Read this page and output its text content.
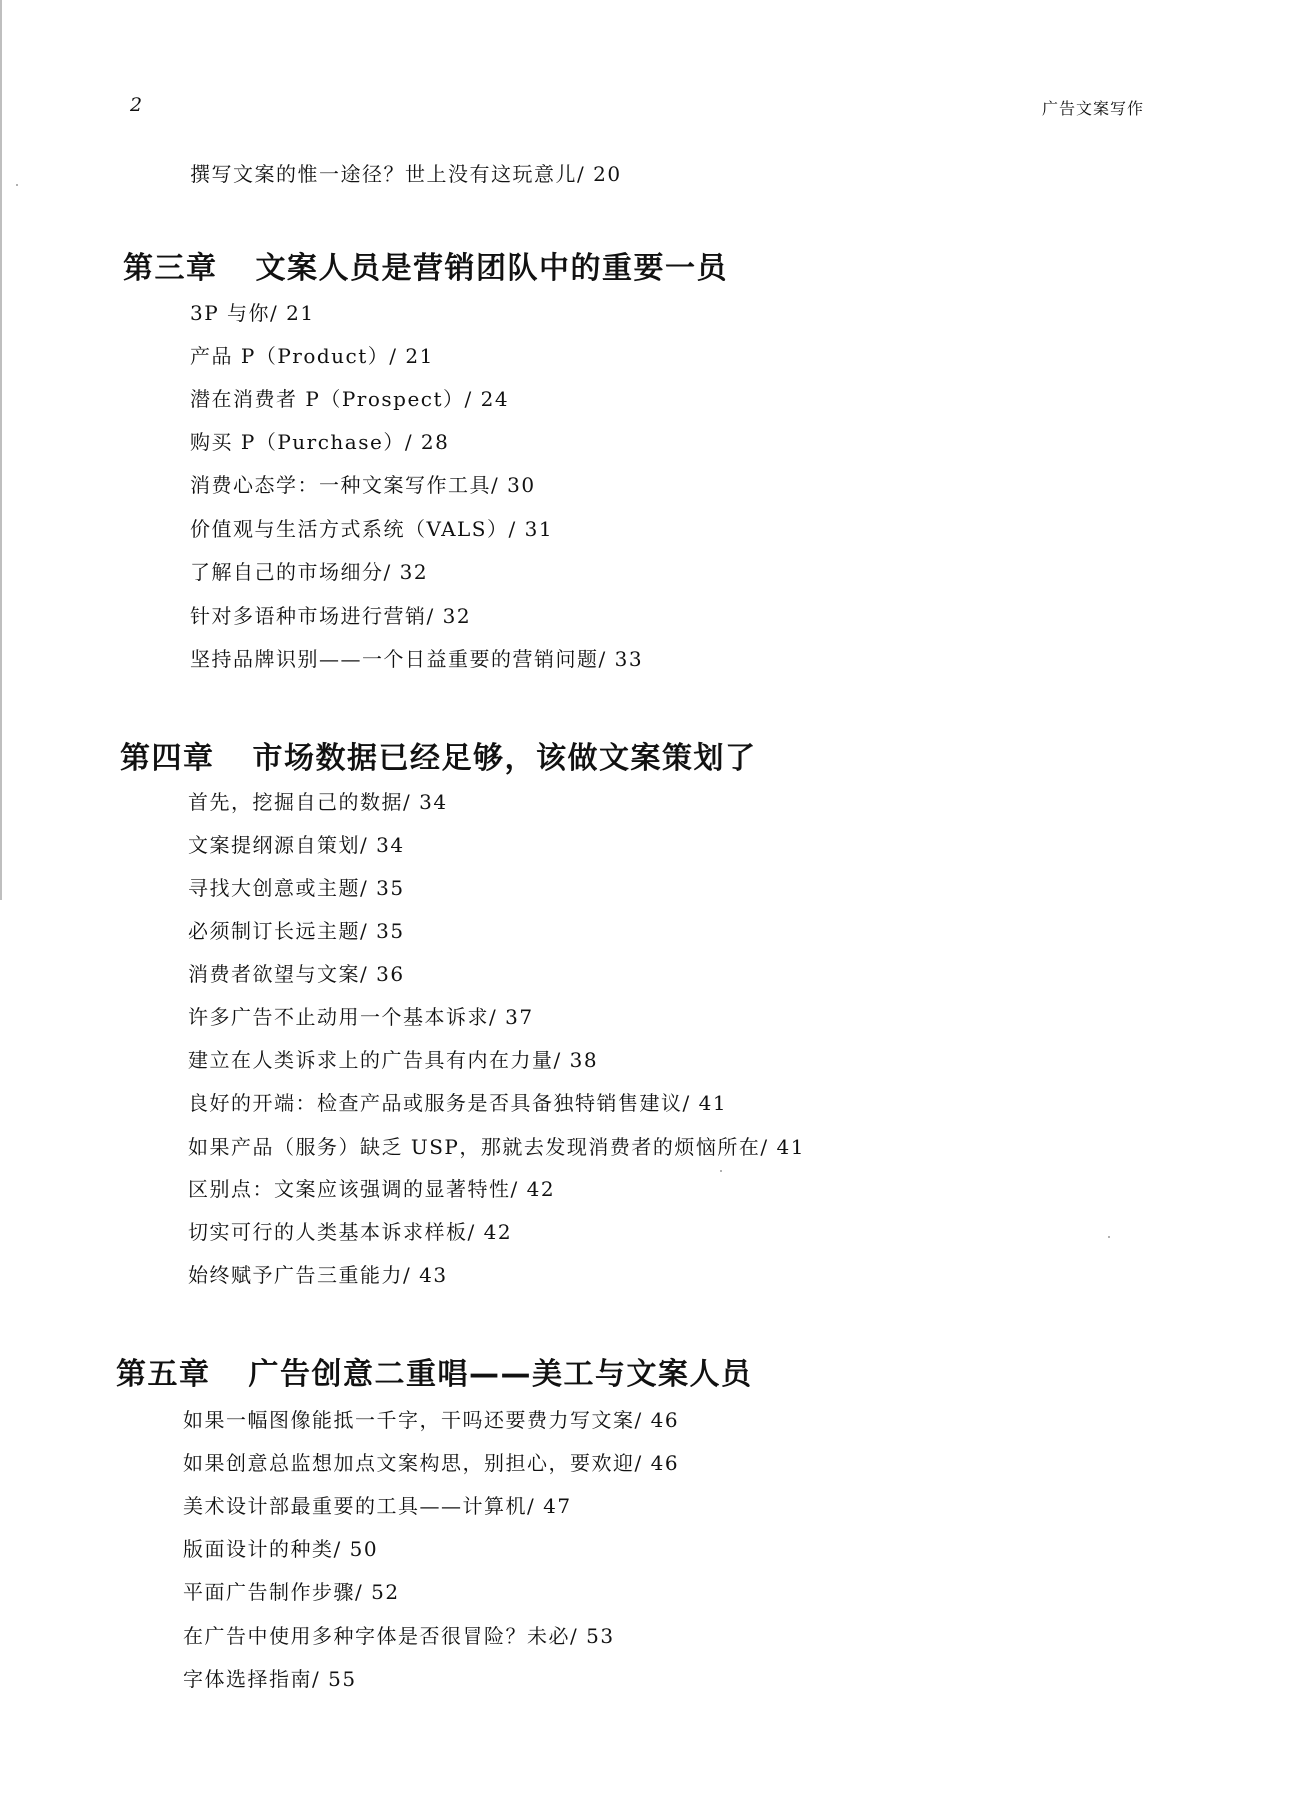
2	广告文案写作
撰写文案的惟一途径？世上没有这玩意儿/ 20
第三章 文案人员是营销团队中的重要一员
3P 与你/ 21
产品 P（Product）/ 21
潜在消费者 P（Prospect）/ 24
购买 P（Purchase）/ 28
消费心态学：一种文案写作工具/ 30
价值观与生活方式系统（VALS）/ 31
了解自己的市场细分/ 32
针对多语种市场进行营销/ 32
坚持品牌识别——一个日益重要的营销问题/ 33
第四章 市场数据已经足够，该做文案策划了
首先，挖掘自己的数据/ 34
文案提纲源自策划/ 34
寻找大创意或主题/ 35
必须制订长远主题/ 35
消费者欲望与文案/ 36
许多广告不止动用一个基本诉求/ 37
建立在人类诉求上的广告具有内在力量/ 38
良好的开端：检查产品或服务是否具备独特销售建议/ 41
如果产品（服务）缺乏 USP，那就去发现消费者的烦恼所在/ 41
区别点：文案应该强调的显著特性/ 42
切实可行的人类基本诉求样板/ 42
始终赋予广告三重能力/ 43
第五章 广告创意二重唱——美工与文案人员
如果一幅图像能抵一千字，干吗还要费力写文案/ 46
如果创意总监想加点文案构思，别担心，要欢迎/ 46
美术设计部最重要的工具——计算机/ 47
版面设计的种类/ 50
平面广告制作步骤/ 52
在广告中使用多种字体是否很冒险？未必/ 53
字体选择指南/ 55
